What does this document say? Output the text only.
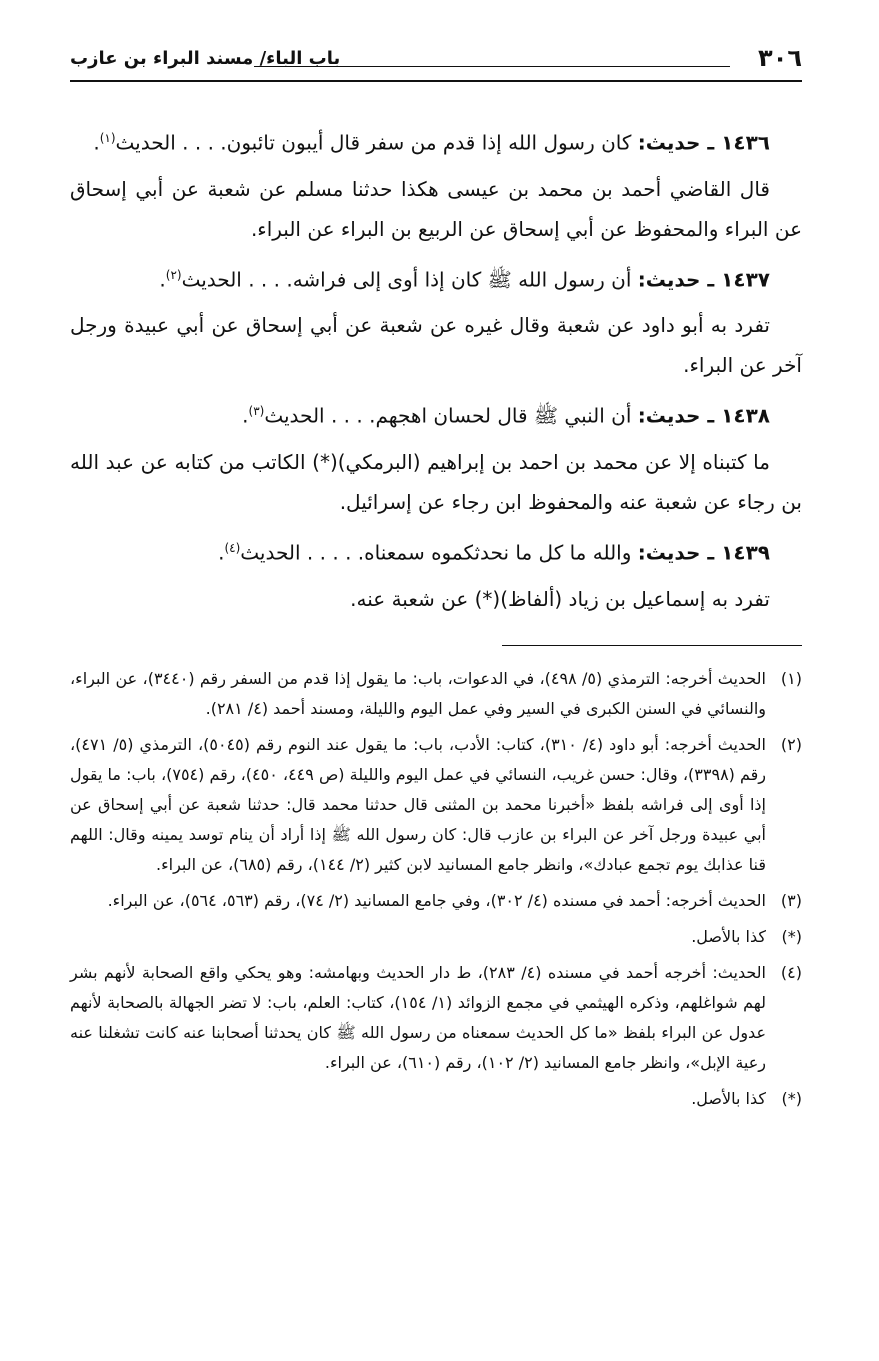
٣٠٦
باب الباء/ مسند البراء بن عازب

١٤٣٦ ـ حديث: كان رسول الله إذا قدم من سفر قال أيبون تائبون. . . . الحديث$^{(١)}$.

قال القاضي أحمد بن محمد بن عيسى هكذا حدثنا مسلم عن شعبة عن أبي إسحاق عن البراء والمحفوظ عن أبي إسحاق عن الربيع بن البراء عن البراء.

١٤٣٧ ـ حديث: أن رسول الله ﷺ كان إذا أوى إلى فراشه. . . . الحديث$^{(٢)}$.

تفرد به أبو داود عن شعبة وقال غيره عن شعبة عن أبي إسحاق عن أبي عبيدة ورجل آخر عن البراء.

١٤٣٨ ـ حديث: أن النبي ﷺ قال لحسان اهجهم. . . . الحديث$^{(٣)}$.

ما كتبناه إلا عن محمد بن احمد بن إبراهيم (البرمكي)(*) الكاتب من كتابه عن عبد الله بن رجاء عن شعبة عنه والمحفوظ ابن رجاء عن إسرائيل.

١٤٣٩ ـ حديث: والله ما كل ما نحدثكموه سمعناه. . . . . الحديث$^{(٤)}$.

تفرد به إسماعيل بن زياد (ألفاظ)(*) عن شعبة عنه.

(١)
الحديث أخرجه: الترمذي (٥/ ٤٩٨)، في الدعوات، باب: ما يقول إذا قدم من السفر رقم (٣٤٤٠)، عن البراء، والنسائي في السنن الكبرى في السير وفي عمل اليوم والليلة، ومسند أحمد (٤/ ٢٨١).

(٢)
الحديث أخرجه: أبو داود (٤/ ٣١٠)، كتاب: الأدب، باب: ما يقول عند النوم رقم (٥٠٤٥)، الترمذي (٥/ ٤٧١)، رقم (٣٣٩٨)، وقال: حسن غريب، النسائي في عمل اليوم والليلة (ص ٤٤٩، ٤٥٠)، رقم (٧٥٤)، باب: ما يقول إذا أوى إلى فراشه بلفظ «أخبرنا محمد بن المثنى قال حدثنا محمد قال: حدثنا شعبة عن أبي إسحاق عن أبي عبيدة ورجل آخر عن البراء بن عازب قال: كان رسول الله ﷺ إذا أراد أن ينام توسد يمينه وقال: اللهم قنا عذابك يوم تجمع عبادك»، وانظر جامع المسانيد لابن كثير (٢/ ١٤٤)، رقم (٦٨٥)، عن البراء.

(٣)
الحديث أخرجه: أحمد في مسنده (٤/ ٣٠٢)، وفي جامع المسانيد (٢/ ٧٤)، رقم (٥٦٣، ٥٦٤)، عن البراء.

(*)
كذا بالأصل.

(٤)
الحديث: أخرجه أحمد في مسنده (٤/ ٢٨٣)، ط دار الحديث وبهامشه: وهو يحكي واقع الصحابة لأنهم بشر لهم شواغلهم، وذكره الهيثمي في مجمع الزوائد (١/ ١٥٤)، كتاب: العلم، باب: لا تضر الجهالة بالصحابة لأنهم عدول عن البراء بلفظ «ما كل الحديث سمعناه من رسول الله ﷺ كان يحدثنا أصحابنا عنه كانت تشغلنا عنه رعية الإبل»، وانظر جامع المسانيد (٢/ ١٠٢)، رقم (٦١٠)، عن البراء.

(*)
كذا بالأصل.
